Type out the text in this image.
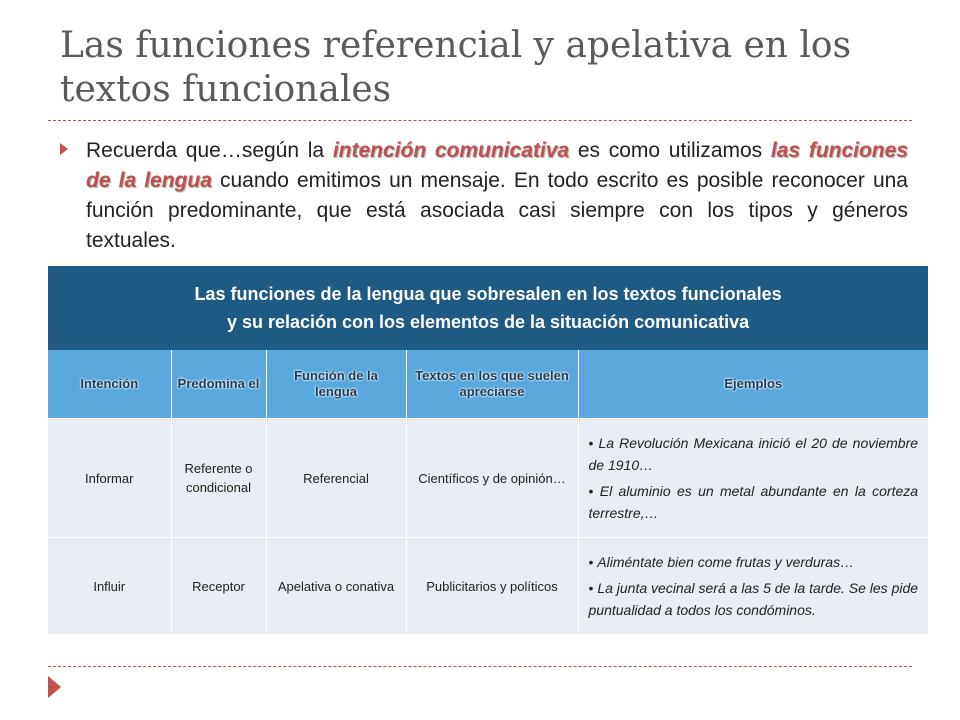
Las funciones referencial y apelativa en los textos funcionales

Recuerda que…según la intención comunicativa es como utilizamos las funciones de la lengua cuando emitimos un mensaje. En todo escrito es posible reconocer una función predominante, que está asociada casi siempre con los tipos y géneros textuales.

Las funciones de la lengua que sobresalen en los textos funcionales
y su relación con los elementos de la situación comunicativa				

Intención	Predomina el	Función de la lengua	Textos en los que suelen apreciarse	Ejemplos
Informar	Referente o condicional	Referencial	Científicos y de opinión…	• La Revolución Mexicana inició el 20 de noviembre de 1910…
• El aluminio es un metal abundante en la corteza terrestre,…

Influir	Receptor	Apelativa o conativa	Publicitarios y políticos	• Aliméntate bien come frutas y verduras…
• La junta vecinal será a las 5 de la tarde. Se les pide puntualidad a todos los condóminos.
